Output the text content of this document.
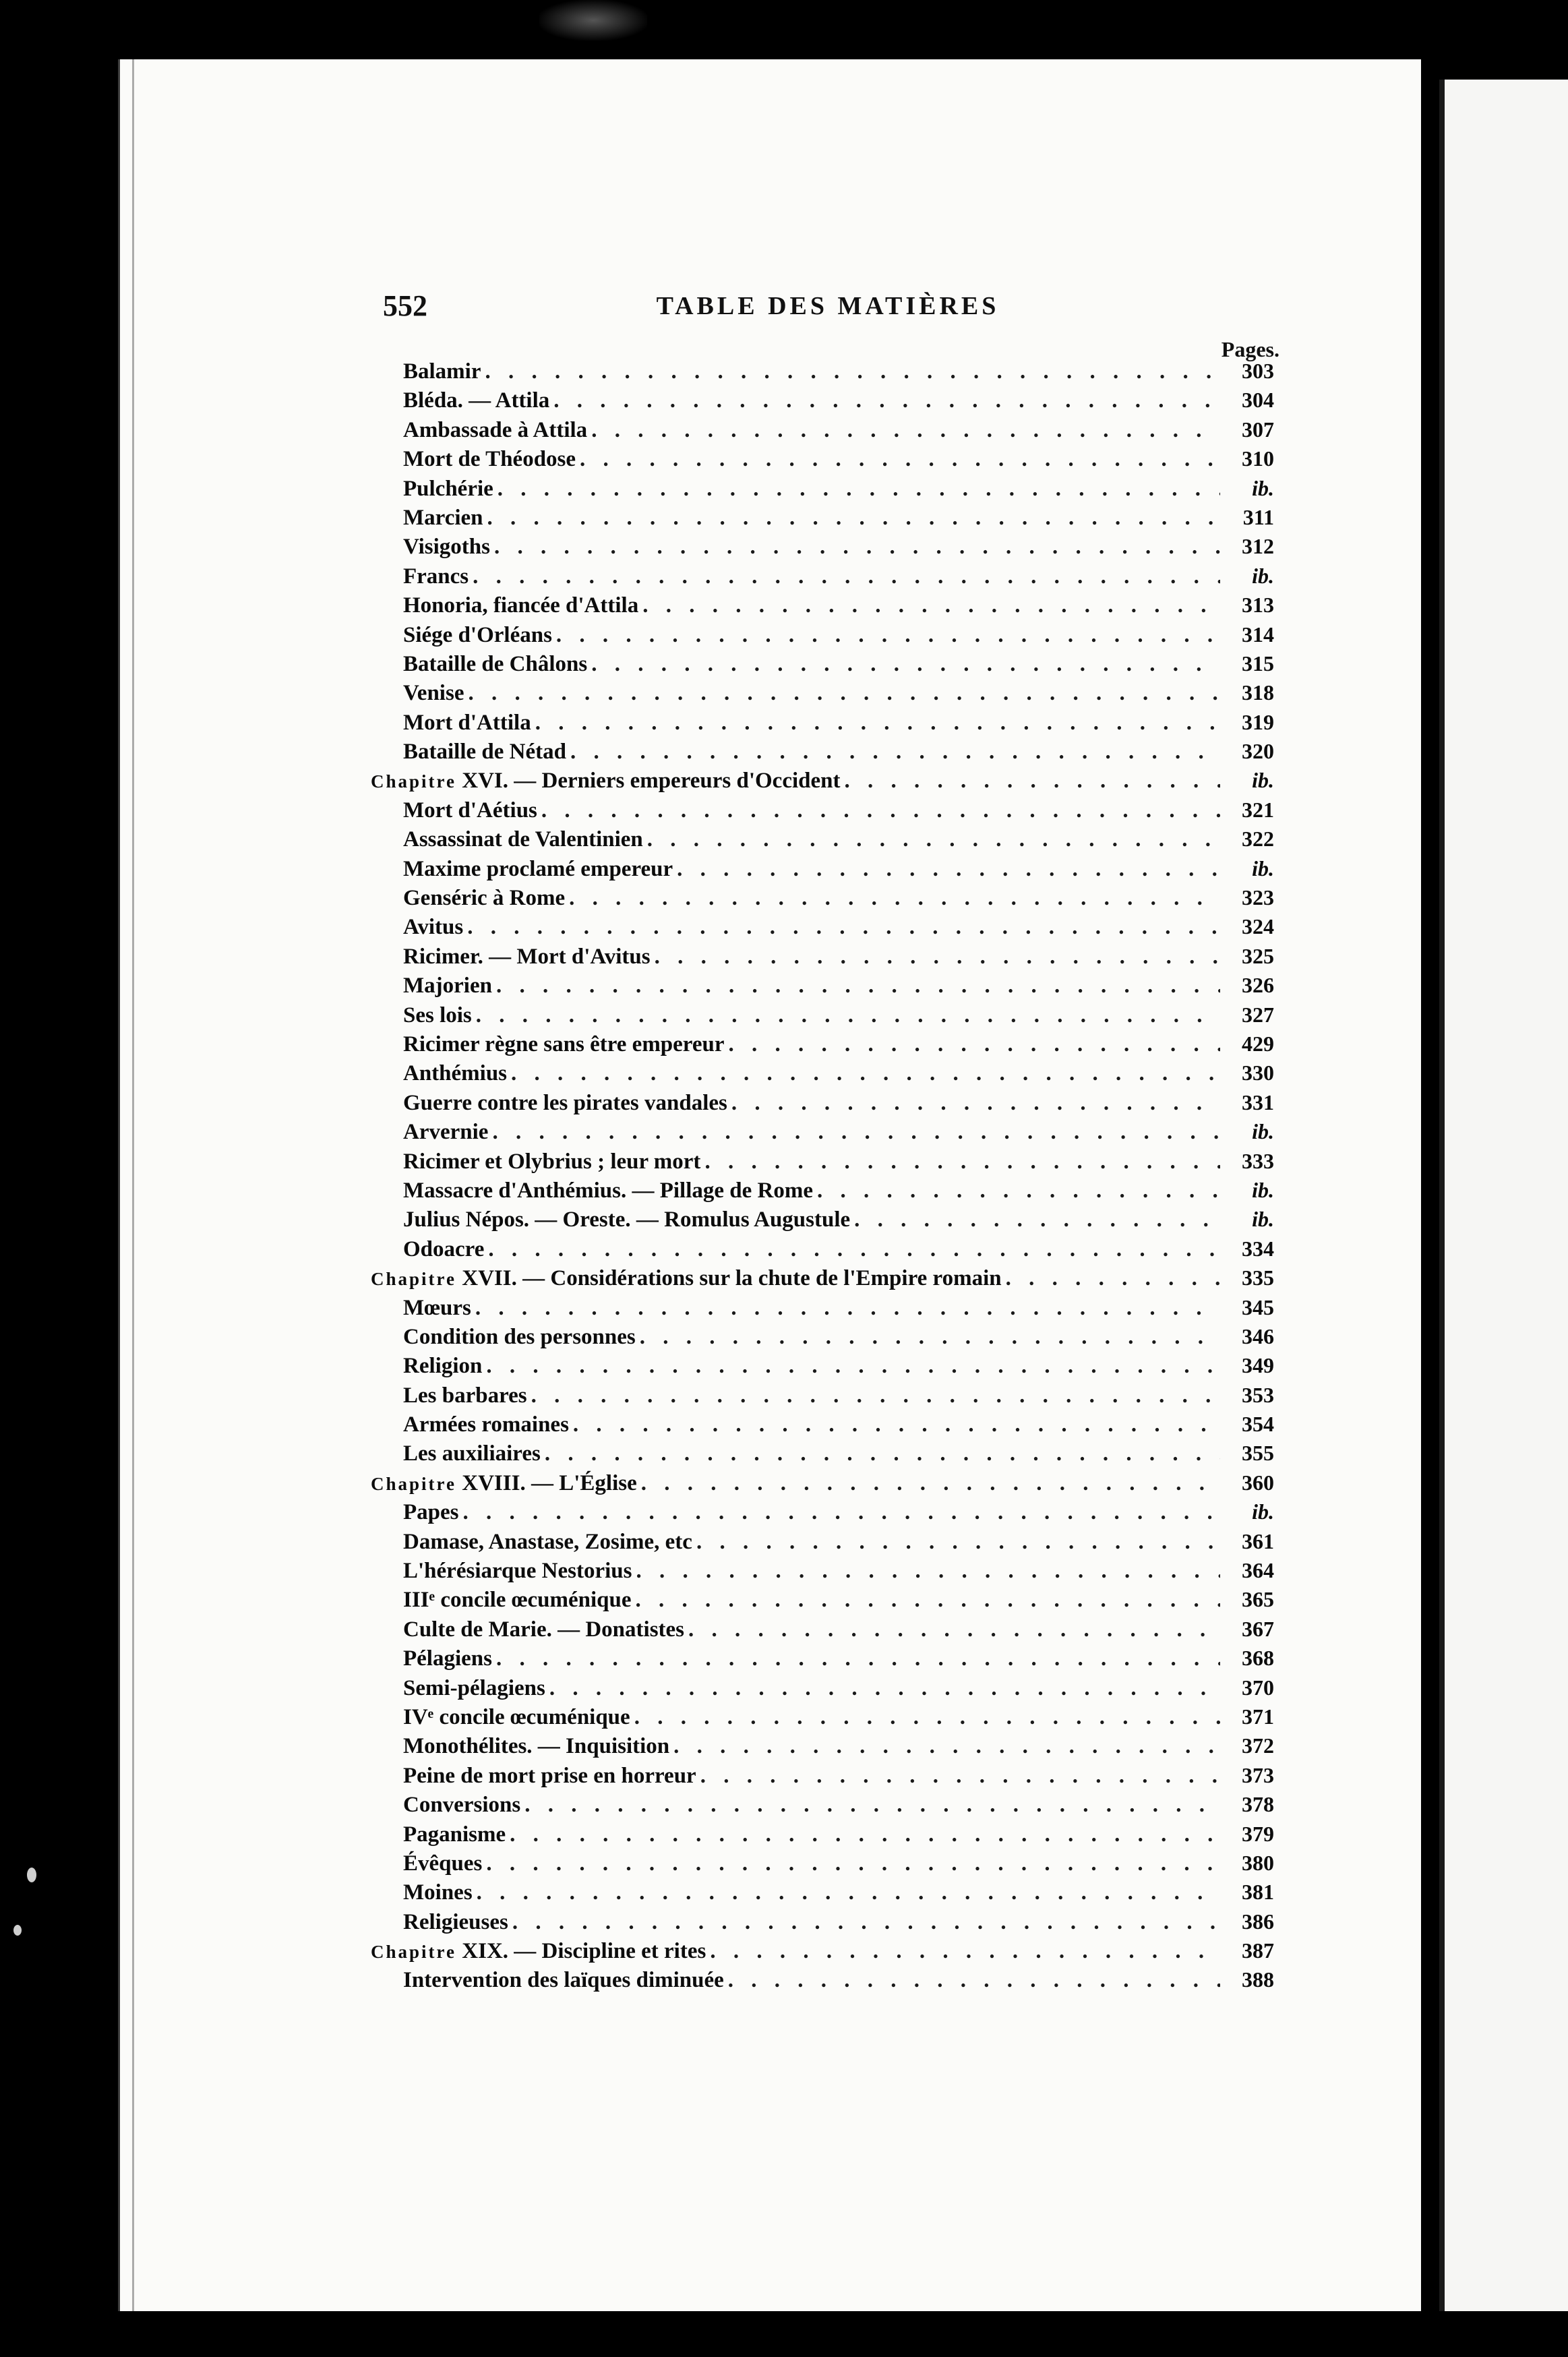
552	TABLE DES MATIÈRES
Pages.
Balamir . . .	303
Bléda. — Attila . . .	304
Ambassade à Attila . . .	307
Mort de Théodose . . .	310
Pulchérie . . .	ib.
Marcien . . .	311
Visigoths . . .	312
Francs . . .	ib.
Honoria, fiancée d'Attila . . .	313
Siége d'Orléans . . .	314
Bataille de Châlons . . .	315
Venise . . .	318
Mort d'Attila . . .	319
Bataille de Nétad . . .	320
Chapitre XVI. — Derniers empereurs d'Occident . . .	ib.
Mort d'Aétius . . .	321
Assassinat de Valentinien . . .	322
Maxime proclamé empereur . . .	ib.
Genséric à Rome . . .	323
Avitus . . .	324
Ricimer. — Mort d'Avitus . . .	325
Majorien . . .	326
Ses lois . . .	327
Ricimer règne sans être empereur . . .	429
Anthémius . . .	330
Guerre contre les pirates vandales . . .	331
Arvernie . . .	ib.
Ricimer et Olybrius ; leur mort . . .	333
Massacre d'Anthémius. — Pillage de Rome . . .	ib.
Julius Népos. — Oreste. — Romulus Augustule . . .	ib.
Odoacre . . .	334
Chapitre XVII. — Considérations sur la chute de l'Empire romain . . .	335
Mœurs . . .	345
Condition des personnes . . .	346
Religion . . .	349
Les barbares . . .	353
Armées romaines . . .	354
Les auxiliaires . . .	355
Chapitre XVIII. — L'Église . . .	360
Papes . . .	ib.
Damase, Anastase, Zosime, etc . . .	361
L'hérésiarque Nestorius . . .	364
IIIᵉ concile œcuménique . . .	365
Culte de Marie. — Donatistes . . .	367
Pélagiens . . .	368
Semi-pélagiens . . .	370
IVᵉ concile œcuménique . . .	371
Monothélites. — Inquisition . . .	372
Peine de mort prise en horreur . . .	373
Conversions . . .	378
Paganisme . . .	379
Évêques . . .	380
Moines . . .	381
Religieuses . . .	386
Chapitre XIX. — Discipline et rites . . .	387
Intervention des laïques diminuée . . .	388
